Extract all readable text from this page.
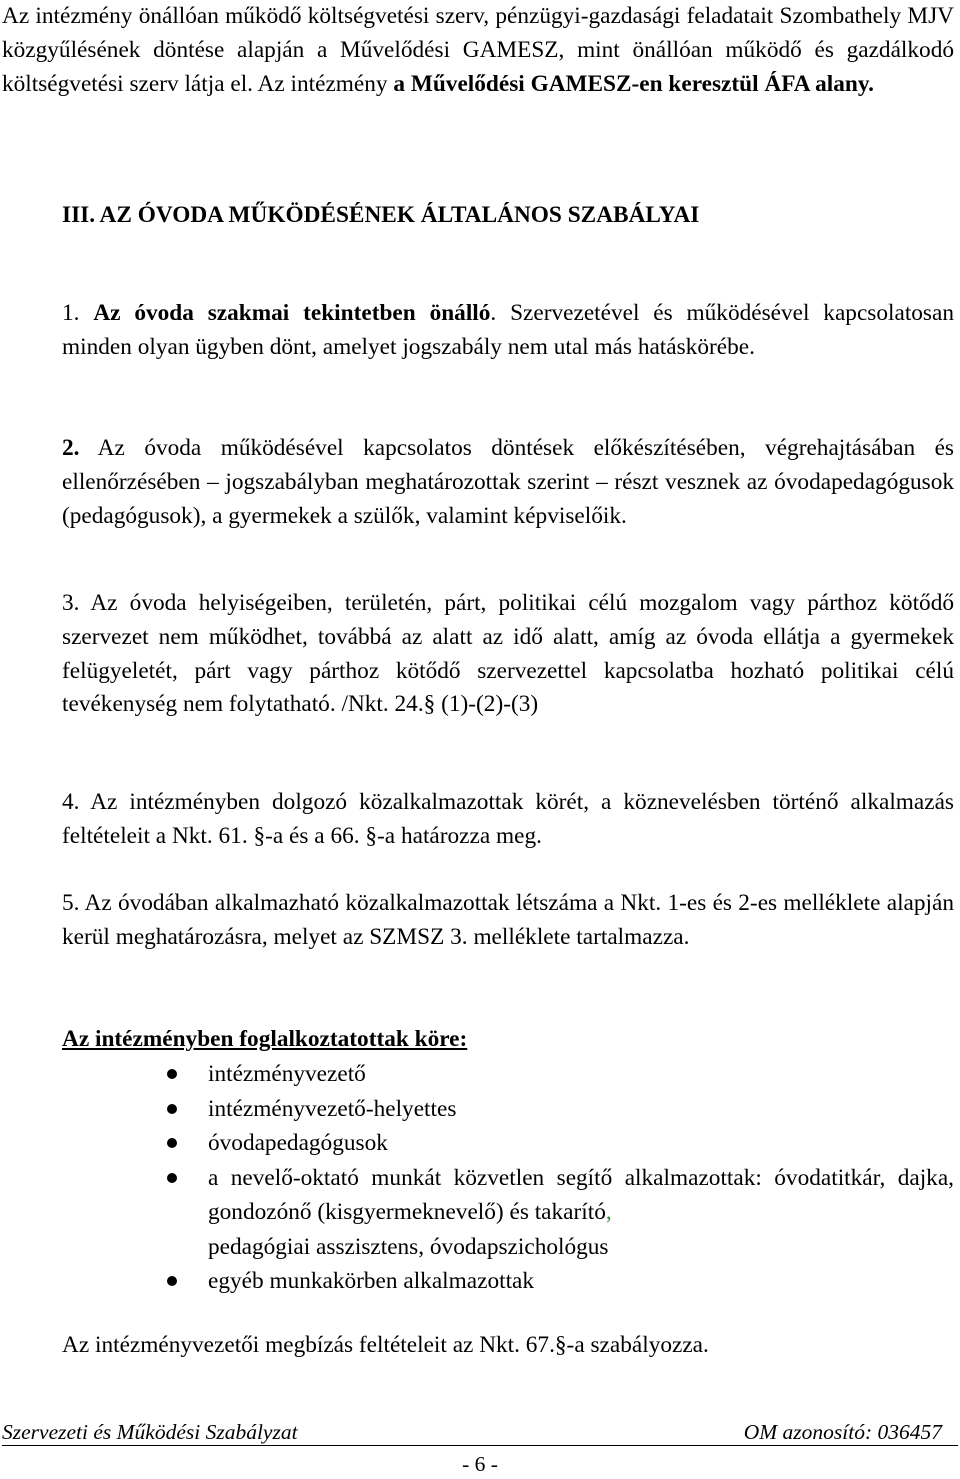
Az intézmény önállóan működő költségvetési szerv, pénzügyi-gazdasági feladatait Szombathely MJV közgyűlésének döntése alapján a Művelődési GAMESZ, mint önállóan működő és gazdálkodó költségvetési szerv látja el. Az intézmény a Művelődési GAMESZ-en keresztül ÁFA alany.

III. AZ ÓVODA MŰKÖDÉSÉNEK ÁLTALÁNOS SZABÁLYAI

1. Az óvoda szakmai tekintetben önálló. Szervezetével és működésével kapcsolatosan minden olyan ügyben dönt, amelyet jogszabály nem utal más hatáskörébe.

2. Az óvoda működésével kapcsolatos döntések előkészítésében, végrehajtásában és ellenőrzésében – jogszabályban meghatározottak szerint – részt vesznek az óvodapedagógusok (pedagógusok), a gyermekek a szülők, valamint képviselőik.

3. Az óvoda helyiségeiben, területén, párt, politikai célú mozgalom vagy párthoz kötődő szervezet nem működhet, továbbá az alatt az idő alatt, amíg az óvoda ellátja a gyermekek felügyeletét, párt vagy párthoz kötődő szervezettel kapcsolatba hozható politikai célú tevékenység nem folytatható. /Nkt. 24.§ (1)-(2)-(3)

4. Az intézményben dolgozó közalkalmazottak körét, a köznevelésben történő alkalmazás feltételeit a Nkt. 61. §-a és a 66. §-a határozza meg.

5. Az óvodában alkalmazható közalkalmazottak létszáma a Nkt. 1-es és 2-es melléklete alapján kerül meghatározásra, melyet az SZMSZ 3. melléklete tartalmazza.

Az intézményben foglalkoztatottak köre:

intézményvezető
intézményvezető-helyettes
óvodapedagógusok
a nevelő-oktató munkát közvetlen segítő alkalmazottak: óvodatitkár, dajka, gondozónő (kisgyermeknevelő) és takarító,
pedagógiai asszisztens, óvodapszichológus
egyéb munkakörben alkalmazottak

Az intézményvezetői megbízás feltételeit az Nkt. 67.§-a szabályozza.

Szervezeti és Működési Szabályzat	OM azonosító: 036457
- 6 -
